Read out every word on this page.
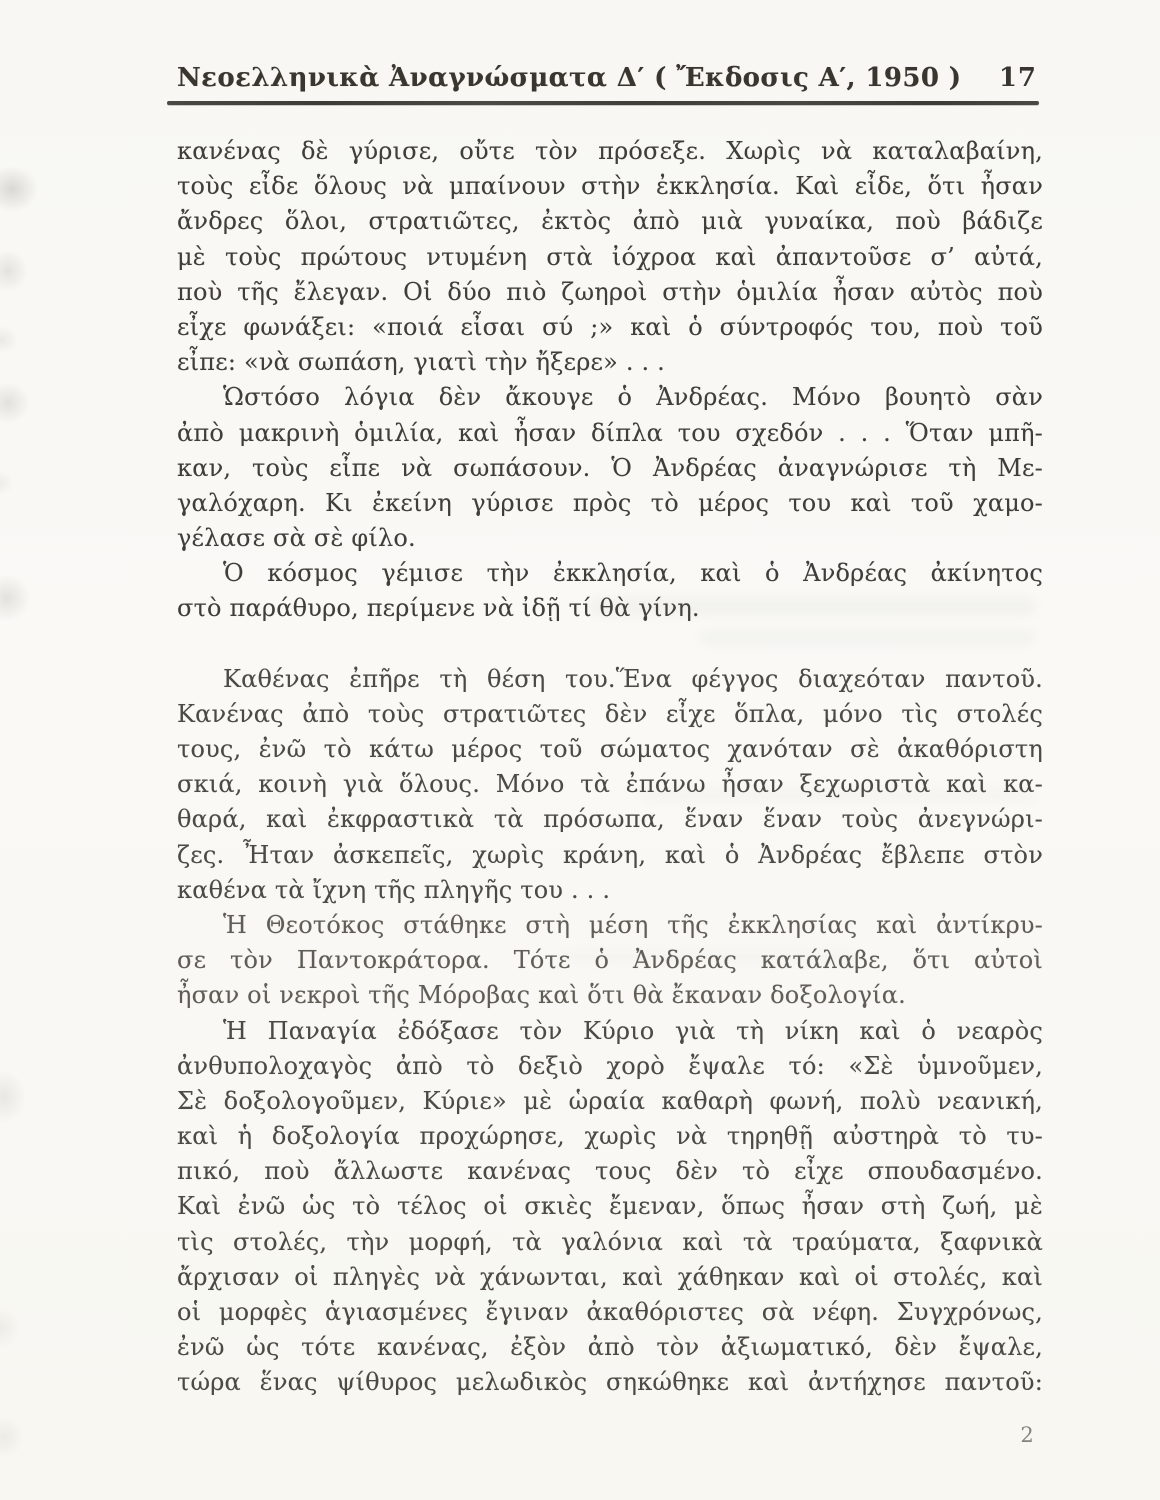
Νεοελληνικὰ Ἀναγνώσματα Δ′ ( Ἔκδοσις Α′, 1950 ) 17
κανένας δὲ γύρισε, οὔτε τὸν πρόσεξε. Χωρὶς νὰ καταλαβαίνη,
τοὺς εἶδε ὅλους νὰ μπαίνουν στὴν ἐκκλησία. Καὶ εἶδε, ὅτι ἦσαν
ἄνδρες ὅλοι, στρατιῶτες, ἐκτὸς ἀπὸ μιὰ γυναίκα, ποὺ βάδιζε
μὲ τοὺς πρώτους ντυμένη στὰ ἰόχροα καὶ ἀπαντοῦσε σ’ αὐτά,
ποὺ τῆς ἔλεγαν. Οἱ δύο πιὸ ζωηροὶ στὴν ὁμιλία ἦσαν αὐτὸς ποὺ
εἶχε φωνάξει: «ποιά εἶσαι σύ ;» καὶ ὁ σύντροφός του, ποὺ τοῦ
εἶπε: «νὰ σωπάση, γιατὶ τὴν ἤξερε» . . .
Ὡστόσο λόγια δὲν ἄκουγε ὁ Ἀνδρέας. Μόνο βουητὸ σὰν
ἀπὸ μακρινὴ ὁμιλία, καὶ ἦσαν δίπλα του σχεδόν . . . Ὅταν μπῆ-
καν, τοὺς εἶπε νὰ σωπάσουν. Ὁ Ἀνδρέας ἀναγνώρισε τὴ Με-
γαλόχαρη. Κι ἐκείνη γύρισε πρὸς τὸ μέρος του καὶ τοῦ χαμο-
γέλασε σὰ σὲ φίλο.
Ὁ κόσμος γέμισε τὴν ἐκκλησία, καὶ ὁ Ἀνδρέας ἀκίνητος
στὸ παράθυρο, περίμενε νὰ ἰδῇ τί θὰ γίνη.
Καθένας ἐπῆρε τὴ θέση του.Ἕνα φέγγος διαχεόταν παντοῦ.
Κανένας ἀπὸ τοὺς στρατιῶτες δὲν εἶχε ὅπλα, μόνο τὶς στολές
τους, ἐνῶ τὸ κάτω μέρος τοῦ σώματος χανόταν σὲ ἀκαθόριστη
σκιά, κοινὴ γιὰ ὅλους. Μόνο τὰ ἐπάνω ἦσαν ξεχωριστὰ καὶ κα-
θαρά, καὶ ἐκφραστικὰ τὰ πρόσωπα, ἕναν ἕναν τοὺς ἀνεγνώρι-
ζες. Ἦταν ἀσκεπεῖς, χωρὶς κράνη, καὶ ὁ Ἀνδρέας ἔβλεπε στὸν
καθένα τὰ ἴχνη τῆς πληγῆς του . . .
Ἡ Θεοτόκος στάθηκε στὴ μέση τῆς ἐκκλησίας καὶ ἀντίκρυ-
σε τὸν Παντοκράτορα. Τότε ὁ Ἀνδρέας κατάλαβε, ὅτι αὐτοὶ
ἦσαν οἱ νεκροὶ τῆς Μόροβας καὶ ὅτι θὰ ἔκαναν δοξολογία.
Ἡ Παναγία ἐδόξασε τὸν Κύριο γιὰ τὴ νίκη καὶ ὁ νεαρὸς
ἀνθυπολοχαγὸς ἀπὸ τὸ δεξιὸ χορὸ ἔψαλε τό: «Σὲ ὑμνοῦμεν,
Σὲ δοξολογοῦμεν, Κύριε» μὲ ὡραία καθαρὴ φωνή, πολὺ νεανική,
καὶ ἡ δοξολογία προχώρησε, χωρὶς νὰ τηρηθῇ αὐστηρὰ τὸ τυ-
πικό, ποὺ ἄλλωστε κανένας τους δὲν τὸ εἶχε σπουδασμένο.
Καὶ ἐνῶ ὡς τὸ τέλος οἱ σκιὲς ἔμεναν, ὅπως ἦσαν στὴ ζωή, μὲ
τὶς στολές, τὴν μορφή, τὰ γαλόνια καὶ τὰ τραύματα, ξαφνικὰ
ἄρχισαν οἱ πληγὲς νὰ χάνωνται, καὶ χάθηκαν καὶ οἱ στολές, καὶ
οἱ μορφὲς ἁγιασμένες ἔγιναν ἀκαθόριστες σὰ νέφη. Συγχρόνως,
ἐνῶ ὡς τότε κανένας, ἐξὸν ἀπὸ τὸν ἀξιωματικό, δὲν ἔψαλε,
τώρα ἕνας ψίθυρος μελωδικὸς σηκώθηκε καὶ ἀντήχησε παντοῦ:
2
